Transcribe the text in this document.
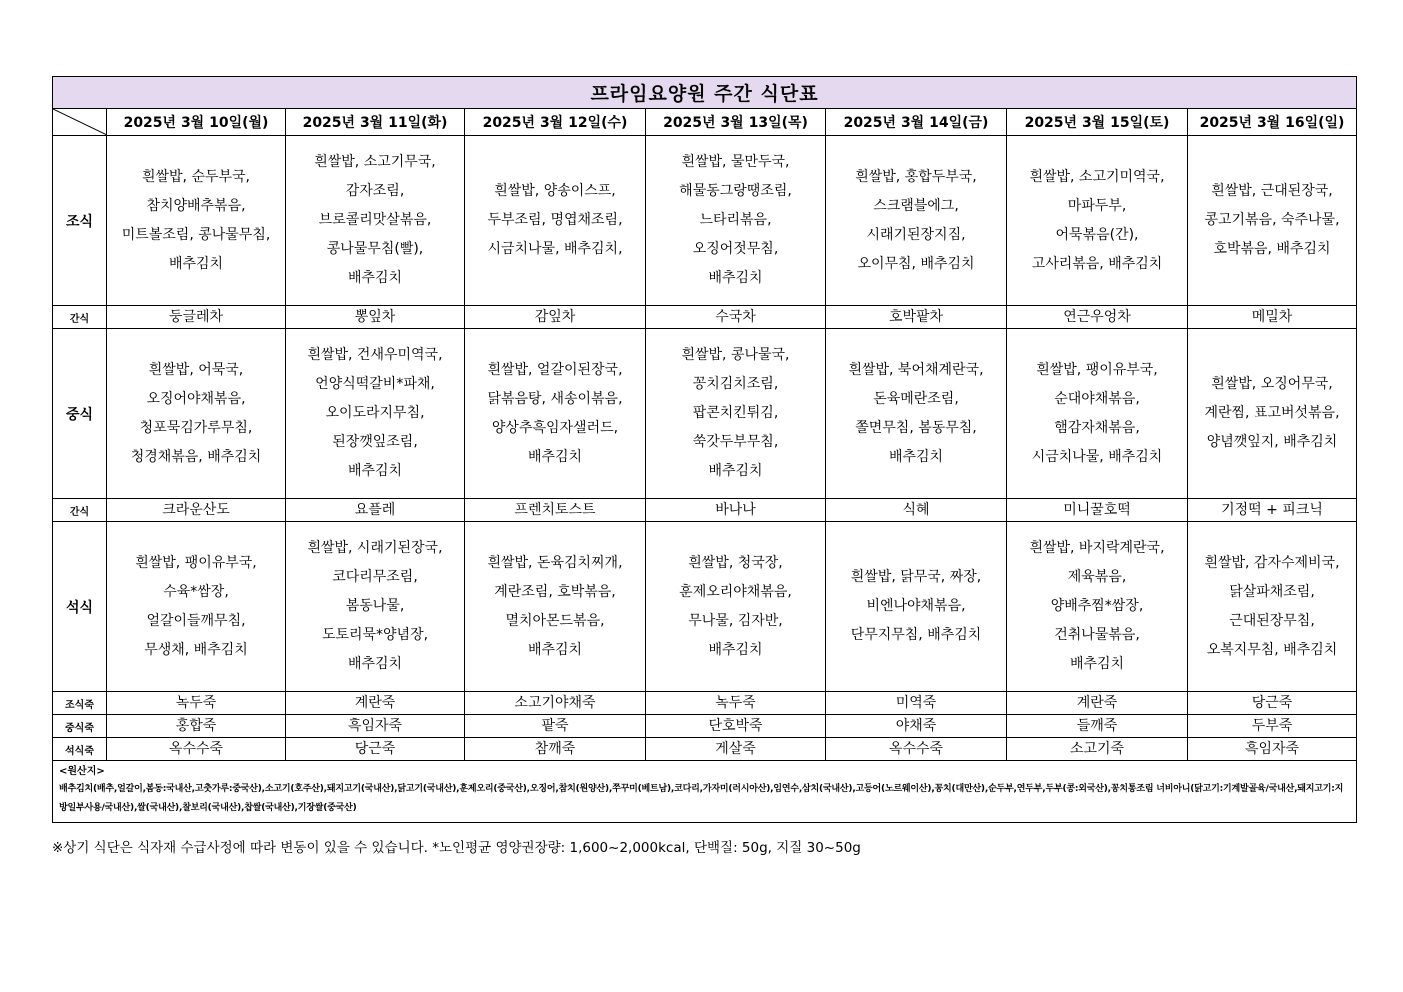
프라임요양원 주간 식단표							

	2025년 3월 10일(월)	2025년 3월 11일(화)	2025년 3월 12일(수)	2025년 3월 13일(목)	2025년 3월 14일(금)	2025년 3월 15일(토)	2025년 3월 16일(일)
조식	흰쌀밥, 순두부국,
참치양배추볶음,
미트볼조림, 콩나물무침,
배추김치	흰쌀밥, 소고기무국,
감자조림,
브로콜리맛살볶음,
콩나물무침(빨),
배추김치	흰쌀밥, 양송이스프,
두부조림, 명엽채조림,
시금치나물, 배추김치,	흰쌀밥, 물만두국,
해물동그랑땡조림,
느타리볶음,
오징어젓무침,
배추김치	흰쌀밥, 홍합두부국,
스크램블에그,
시래기된장지짐,
오이무침, 배추김치	흰쌀밥, 소고기미역국,
마파두부,
어묵볶음(간),
고사리볶음, 배추김치	흰쌀밥, 근대된장국,
콩고기볶음, 숙주나물,
호박볶음, 배추김치

간식	둥글레차	뽕잎차	감잎차	수국차	호박팥차	연근우엉차	메밀차
중식	흰쌀밥, 어묵국,
오징어야채볶음,
청포묵김가루무침,
청경채볶음, 배추김치	흰쌀밥, 건새우미역국,
언양식떡갈비*파채,
오이도라지무침,
된장깻잎조림,
배추김치	흰쌀밥, 얼갈이된장국,
닭볶음탕, 새송이볶음,
양상추흑임자샐러드,
배추김치	흰쌀밥, 콩나물국,
꽁치김치조림,
팝콘치킨튀김,
쑥갓두부무침,
배추김치	흰쌀밥, 북어채계란국,
돈육메란조림,
쫄면무침, 봄동무침,
배추김치	흰쌀밥, 팽이유부국,
순대야채볶음,
햄감자채볶음,
시금치나물, 배추김치	흰쌀밥, 오징어무국,
계란찜, 표고버섯볶음,
양념깻잎지, 배추김치

간식	크라운산도	요플레	프렌치토스트	바나나	식혜	미니꿀호떡	기정떡 + 피크닉
석식	흰쌀밥, 팽이유부국,
수육*쌈장,
얼갈이들깨무침,
무생채, 배추김치	흰쌀밥, 시래기된장국,
코다리무조림,
봄동나물,
도토리묵*양념장,
배추김치	흰쌀밥, 돈육김치찌개,
계란조림, 호박볶음,
멸치아몬드볶음,
배추김치	흰쌀밥, 청국장,
훈제오리야채볶음,
무나물, 김자반,
배추김치	흰쌀밥, 닭무국, 짜장,
비엔나야채볶음,
단무지무침, 배추김치	흰쌀밥, 바지락계란국,
제육볶음,
양배추찜*쌈장,
건취나물볶음,
배추김치	흰쌀밥, 감자수제비국,
닭살파채조림,
근대된장무침,
오복지무침, 배추김치

조식죽	녹두죽	계란죽	소고기야채죽	녹두죽	미역죽	계란죽	당근죽
중식죽	홍합죽	흑임자죽	팥죽	단호박죽	야채죽	들깨죽	두부죽
석식죽	옥수수죽	당근죽	참깨죽	게살죽	옥수수죽	소고기죽	흑임자죽

<원산지>
배추김치(배추,얼갈이,봄동:국내산,고춧가루:중국산),소고기(호주산),돼지고기(국내산),닭고기(국내산),훈제오리(중국산),오징어,참치(원양산),쭈꾸미(베트남),코다리,가자미(러시아산),임연수,삼치(국내산),고등어(노르웨이산),꽁치(대만산),순두부,연두부,두부(콩:외국산),꽁치통조림 너비아니(닭고기:기계발골육/국내산,돼지고기:지방일부사용/국내산),쌀(국내산),찰보리(국내산),찹쌀(국내산),기장쌀(중국산)							
※상기 식단은 식자재 수급사정에 따라 변동이 있을 수 있습니다. *노인평균 영양권장량: 1,600~2,000kcal, 단백질: 50g, 지질 30~50g
